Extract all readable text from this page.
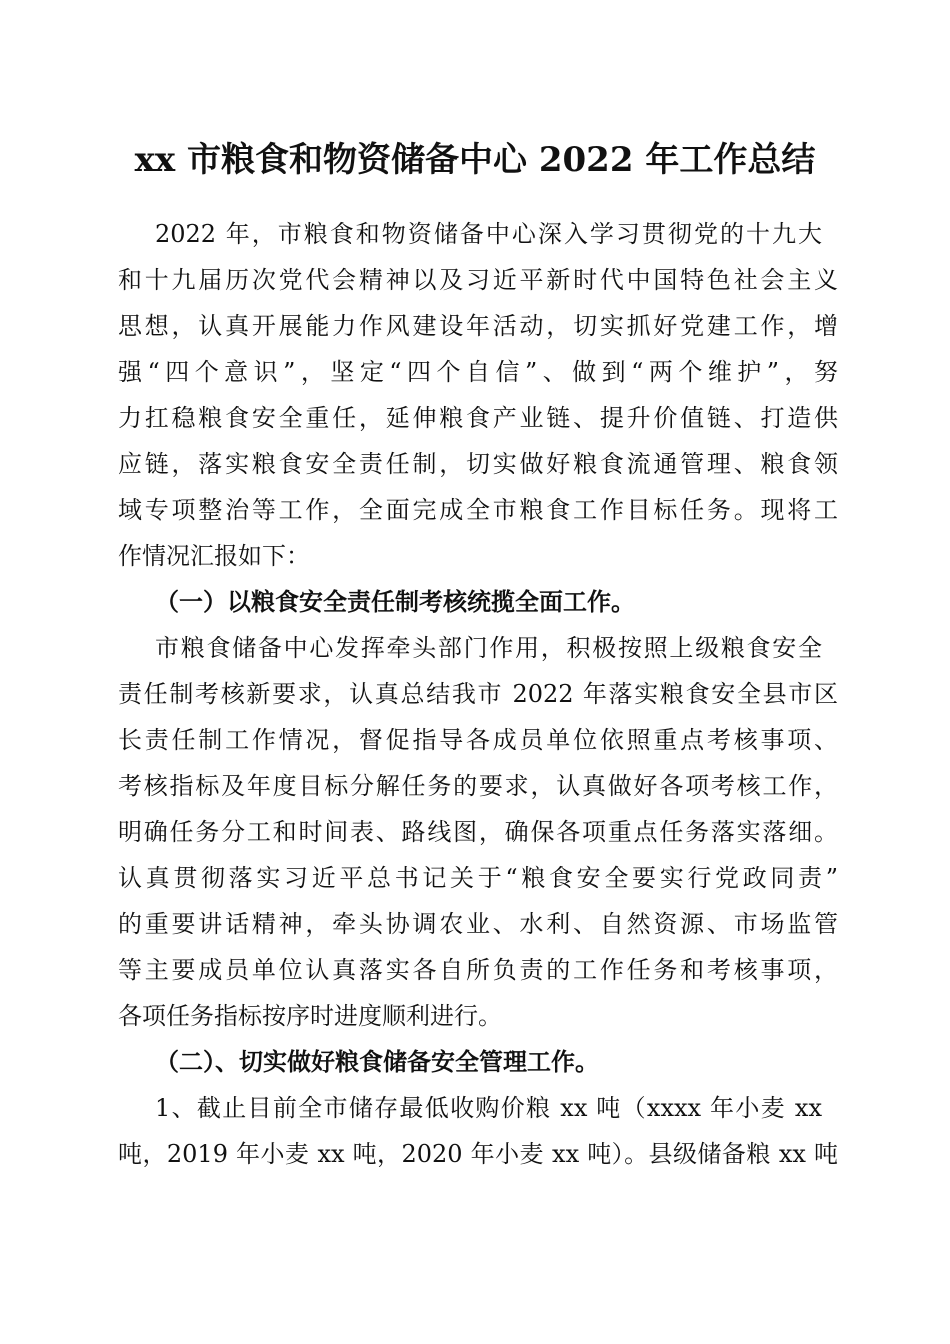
xx 市粮食和物资储备中心 2022 年工作总结
2022 年，市粮食和物资储备中心深入学习贯彻党的十九大
和十九届历次党代会精神以及习近平新时代中国特色社会主义
思想，认真开展能力作风建设年活动，切实抓好党建工作，增
强“四个意识”，坚定“四个自信”、做到“两个维护”，努
力扛稳粮食安全重任，延伸粮食产业链、提升价值链、打造供
应链，落实粮食安全责任制，切实做好粮食流通管理、粮食领
域专项整治等工作，全面完成全市粮食工作目标任务。现将工
作情况汇报如下：
（一）以粮食安全责任制考核统揽全面工作。
市粮食储备中心发挥牵头部门作用，积极按照上级粮食安全
责任制考核新要求，认真总结我市 2022 年落实粮食安全县市区
长责任制工作情况，督促指导各成员单位依照重点考核事项、
考核指标及年度目标分解任务的要求，认真做好各项考核工作，
明确任务分工和时间表、路线图，确保各项重点任务落实落细。
认真贯彻落实习近平总书记关于“粮食安全要实行党政同责”
的重要讲话精神，牵头协调农业、水利、自然资源、市场监管
等主要成员单位认真落实各自所负责的工作任务和考核事项，
各项任务指标按序时进度顺利进行。
（二）、切实做好粮食储备安全管理工作。
1、截止目前全市储存最低收购价粮 xx 吨（xxxx 年小麦 xx
吨，2019 年小麦 xx 吨，2020 年小麦 xx 吨）。县级储备粮 xx 吨
